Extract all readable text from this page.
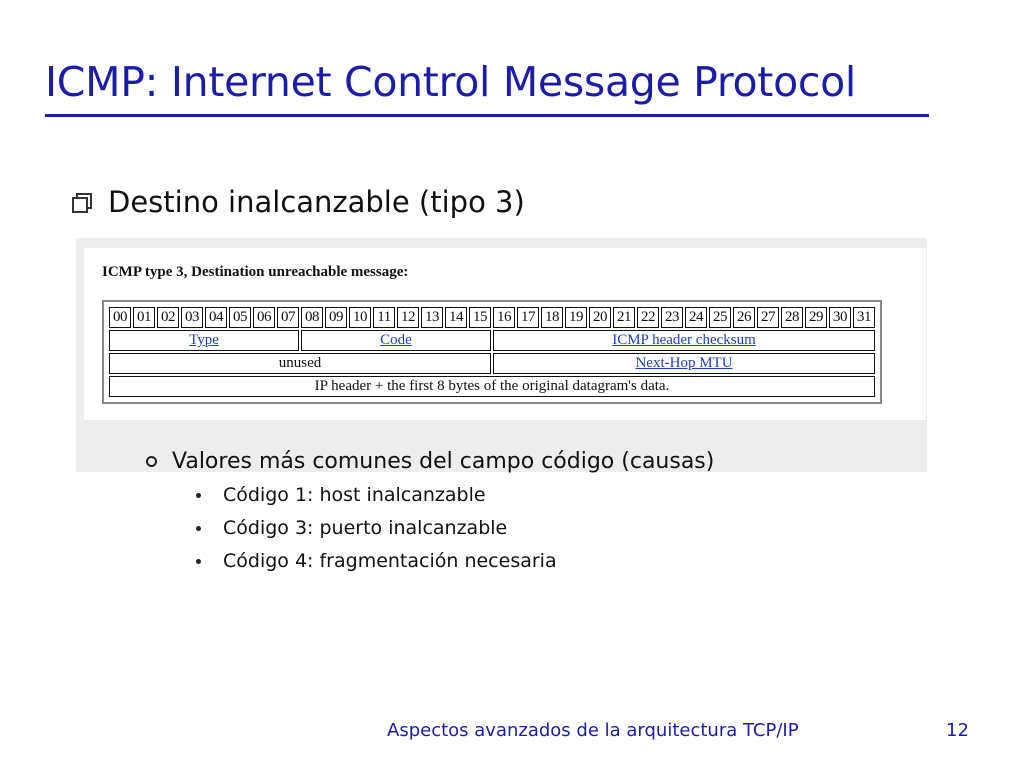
ICMP: Internet Control Message Protocol
Destino inalcanzable (tipo 3)
ICMP type 3, Destination unreachable message:
00	01	02	03	04	05	06	07	08	09	10	11	12	13	14	15	16	17	18	19	20	21	22	23	24	25	26	27	28	29	30	31
Type								Code								ICMP header checksum															
unused																Next-Hop MTU															
IP header + the first 8 bytes of the original datagram's data.																															
Valores más comunes del campo código (causas)
Código 1: host inalcanzable
Código 3: puerto inalcanzable
Código 4: fragmentación necesaria
Aspectos avanzados de la arquitectura TCP/IP	12
